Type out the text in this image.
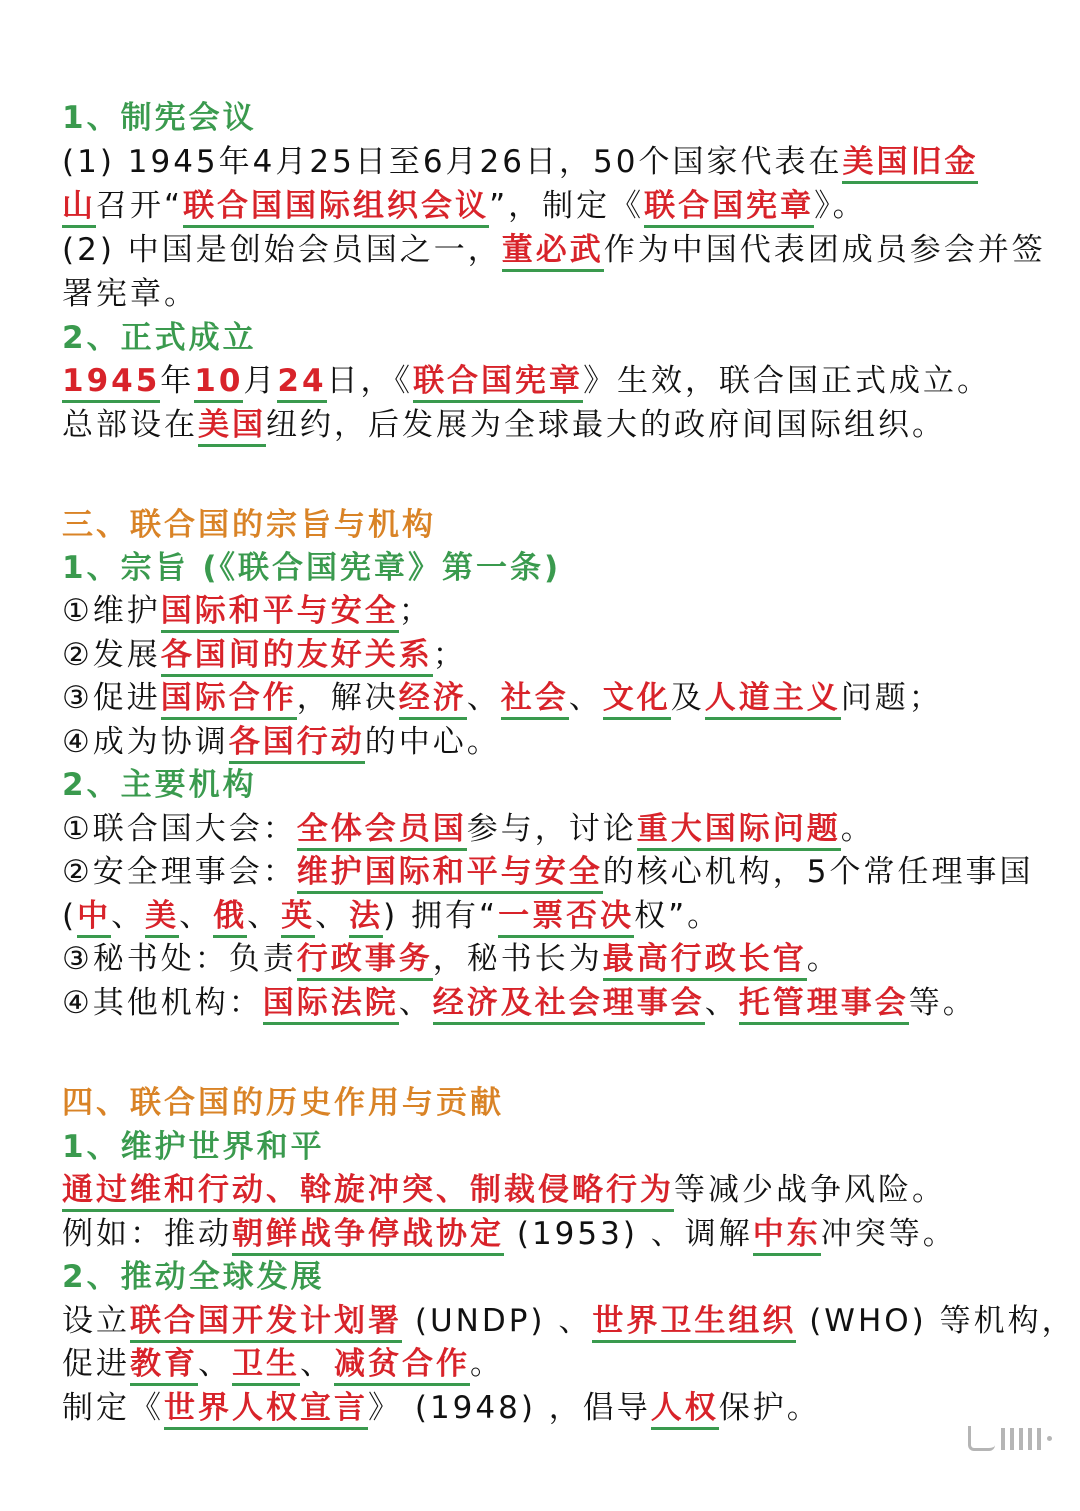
1、制宪会议
(1) 1945年4月25日至6月26日，50个国家代表在美国旧金
山召开“联合国国际组织会议”，制定《联合国宪章》。
(2) 中国是创始会员国之一，董必武作为中国代表团成员参会并签
署宪章。
2、正式成立
1945年10月24日，《联合国宪章》生效，联合国正式成立。
总部设在美国纽约，后发展为全球最大的政府间国际组织。
三、联合国的宗旨与机构
1、宗旨 (《联合国宪章》第一条)
①维护国际和平与安全；
②发展各国间的友好关系；
③促进国际合作，解决经济、社会、文化及人道主义问题；
④成为协调各国行动的中心。
2、主要机构
①联合国大会：全体会员国参与，讨论重大国际问题。
②安全理事会：维护国际和平与安全的核心机构，5个常任理事国
(中、美、俄、英、法) 拥有“一票否决权”。
③秘书处：负责行政事务，秘书长为最高行政长官。
④其他机构：国际法院、经济及社会理事会、托管理事会等。
四、联合国的历史作用与贡献
1、维护世界和平
通过维和行动、斡旋冲突、制裁侵略行为等减少战争风险。
例如：推动朝鲜战争停战协定 (1953) 、调解中东冲突等。
2、推动全球发展
设立联合国开发计划署 (UNDP) 、世界卫生组织 (WHO) 等机构，
促进教育、卫生、减贫合作。
制定《世界人权宣言》 (1948) ，倡导人权保护。
